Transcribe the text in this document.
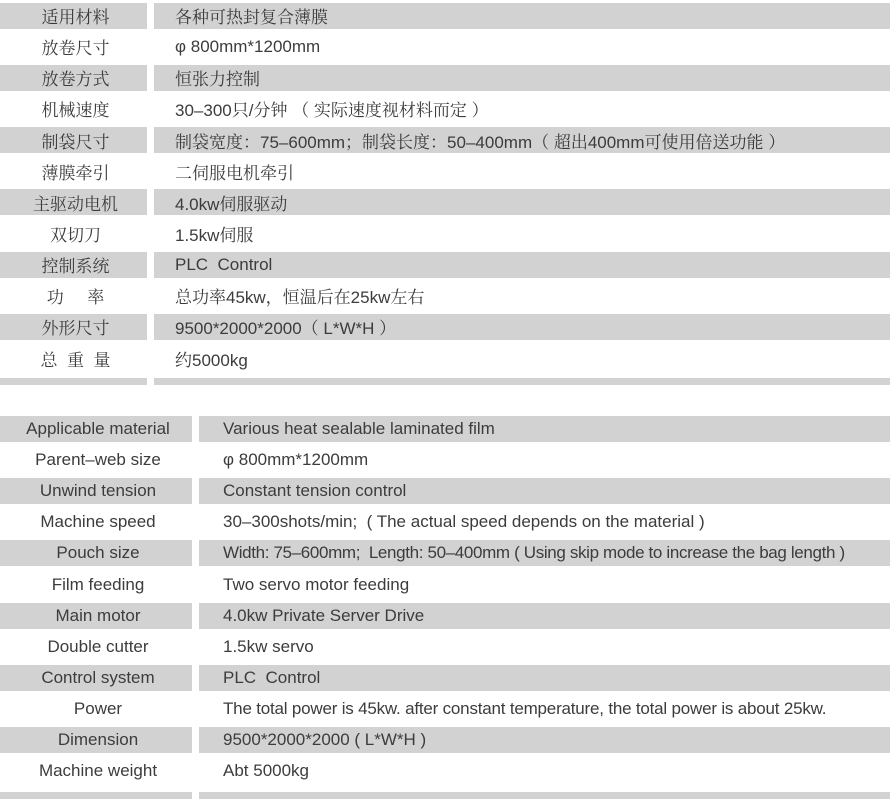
适用材料	各种可热封复合薄膜
放卷尺寸	φ 800mm*1200mm
放卷方式	恒张力控制
机械速度	30–300只/分钟 （ 实际速度视材料而定 ）
制袋尺寸	制袋宽度：75–600mm；制袋长度：50–400mm（ 超出400mm可使用倍送功能 ）
薄膜牵引	二伺服电机牵引
主驱动电机	4.0kw伺服驱动
双切刀	1.5kw伺服
控制系统	PLC  Control
功     率	总功率45kw，恒温后在25kw左右
外形尺寸	9500*2000*2000（ L*W*H ）
总  重  量	约5000kg
Applicable material	Various heat sealable laminated film
Parent–web size	φ 800mm*1200mm
Unwind tension	Constant tension control
Machine speed	30–300shots/min;  ( The actual speed depends on the material )
Pouch size	Width: 75–600mm;  Length: 50–400mm ( Using skip mode to increase the bag length )
Film feeding	Two servo motor feeding
Main motor	4.0kw Private Server Drive
Double cutter	1.5kw servo
Control system	PLC  Control
Power	The total power is 45kw. after constant temperature, the total power is about 25kw.
Dimension	9500*2000*2000 ( L*W*H )
Machine weight	Abt 5000kg
